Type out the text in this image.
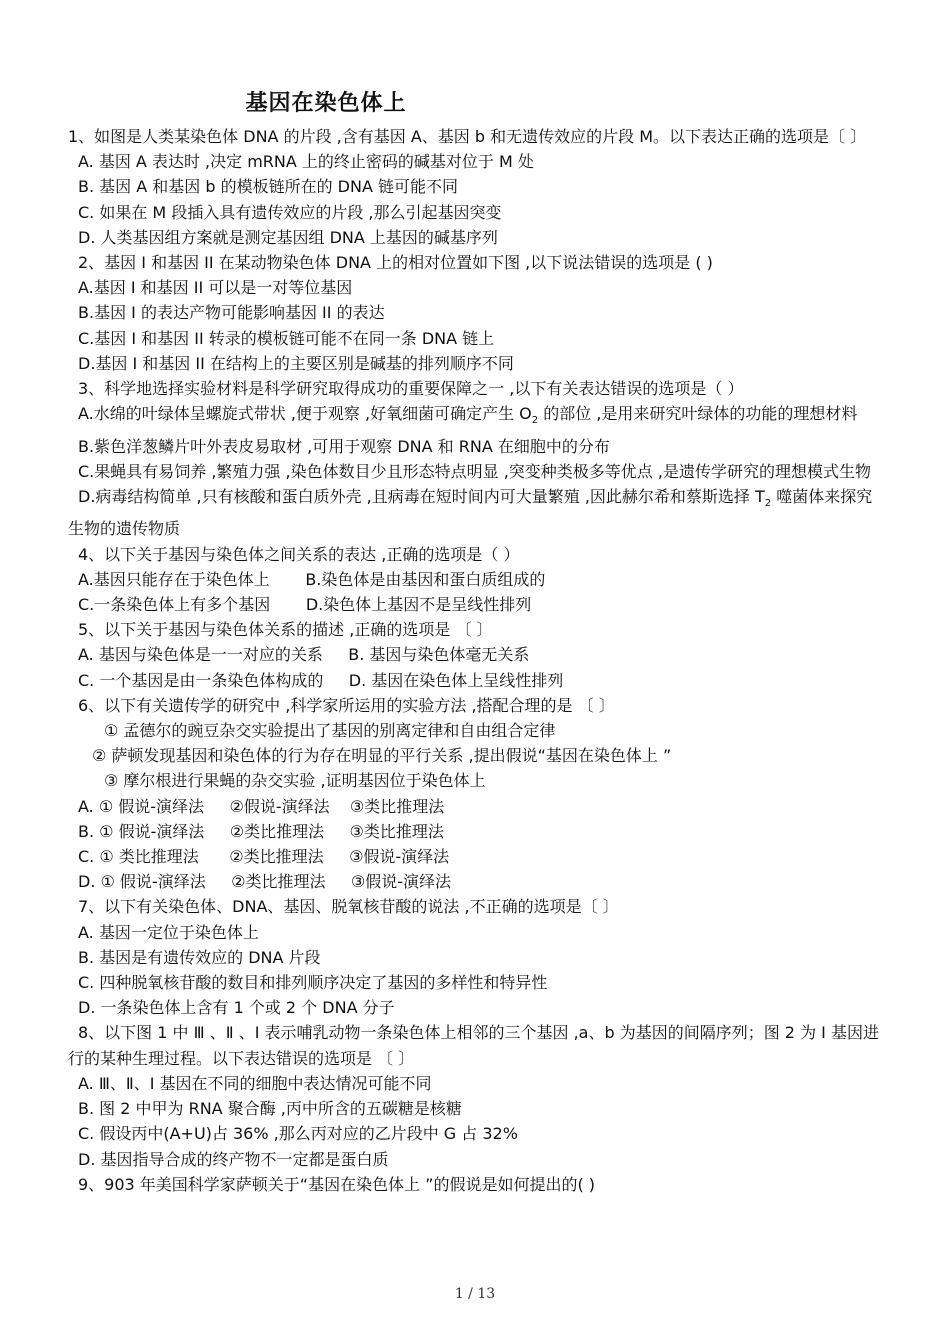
基因在染色体上
1、如图是人类某染色体 DNA 的片段 ,含有基因 A、基因 b 和无遗传效应的片段 M。以下表达正确的选项是〔 〕
A. 基因 A 表达时 ,决定 mRNA 上的终止密码的碱基对位于 M 处
B. 基因 A 和基因 b 的模板链所在的 DNA 链可能不同
C. 如果在 M 段插入具有遗传效应的片段 ,那么引起基因突变
D. 人类基因组方案就是测定基因组 DNA 上基因的碱基序列
2、基因 I 和基因 II 在某动物染色体 DNA 上的相对位置如下图 ,以下说法错误的选项是 ( )
A.基因 I 和基因 II 可以是一对等位基因
B.基因 I 的表达产物可能影响基因 II 的表达
C.基因 I 和基因 II 转录的模板链可能不在同一条 DNA 链上
D.基因 I 和基因 II 在结构上的主要区别是碱基的排列顺序不同
3、科学地选择实验材料是科学研究取得成功的重要保障之一 ,以下有关表达错误的选项是（ ）
A.水绵的叶绿体呈螺旋式带状 ,便于观察 ,好氧细菌可确定产生 $O_2$ 的部位 ,是用来研究叶绿体的功能的理想材料
B.紫色洋葱鳞片叶外表皮易取材 ,可用于观察 DNA 和 RNA 在细胞中的分布
C.果蝇具有易饲养 ,繁殖力强 ,染色体数目少且形态特点明显 ,突变种类极多等优点 ,是遗传学研究的理想模式生物
D.病毒结构简单 ,只有核酸和蛋白质外壳 ,且病毒在短时间内可大量繁殖 ,因此赫尔希和蔡斯选择 $T_2$ 噬菌体来探究生物的遗传物质
4、以下关于基因与染色体之间关系的表达 ,正确的选项是（ ）
A.基因只能存在于染色体上       B.染色体是由基因和蛋白质组成的
C.一条染色体上有多个基因       D.染色体上基因不是呈线性排列
5、以下关于基因与染色体关系的描述 ,正确的选项是 〔 〕
A. 基因与染色体是一一对应的关系     B. 基因与染色体毫无关系
C. 一个基因是由一条染色体构成的     D. 基因在染色体上呈线性排列
6、以下有关遗传学的研究中 ,科学家所运用的实验方法 ,搭配合理的是 〔 〕
① 孟德尔的豌豆杂交实验提出了基因的别离定律和自由组合定律
② 萨顿发现基因和染色体的行为存在明显的平行关系 ,提出假说“基因在染色体上 ”
③ 摩尔根进行果蝇的杂交实验 ,证明基因位于染色体上
A. ① 假说-演绎法     ②假说-演绎法    ③类比推理法
B. ① 假说-演绎法     ②类比推理法     ③类比推理法
C. ① 类比推理法      ②类比推理法     ③假说-演绎法
D. ① 假说-演绎法     ②类比推理法     ③假说-演绎法
7、以下有关染色体、DNA、基因、脱氧核苷酸的说法 ,不正确的选项是〔 〕
A. 基因一定位于染色体上
B. 基因是有遗传效应的 DNA 片段
C. 四种脱氧核苷酸的数目和排列顺序决定了基因的多样性和特异性
D. 一条染色体上含有 1 个或 2 个 DNA 分子
8、以下图 1 中 Ⅲ 、Ⅱ 、Ⅰ 表示哺乳动物一条染色体上相邻的三个基因 ,a、b 为基因的间隔序列；图 2 为 Ⅰ 基因进行的某种生理过程。以下表达错误的选项是 〔 〕
A. Ⅲ、Ⅱ、Ⅰ 基因在不同的细胞中表达情况可能不同
B. 图 2 中甲为 RNA 聚合酶 ,丙中所含的五碳糖是核糖
C. 假设丙中(A+U)占 36% ,那么丙对应的乙片段中 G 占 32%
D. 基因指导合成的终产物不一定都是蛋白质
9、903 年美国科学家萨顿关于“基因在染色体上 ”的假说是如何提出的( )
1 / 13
